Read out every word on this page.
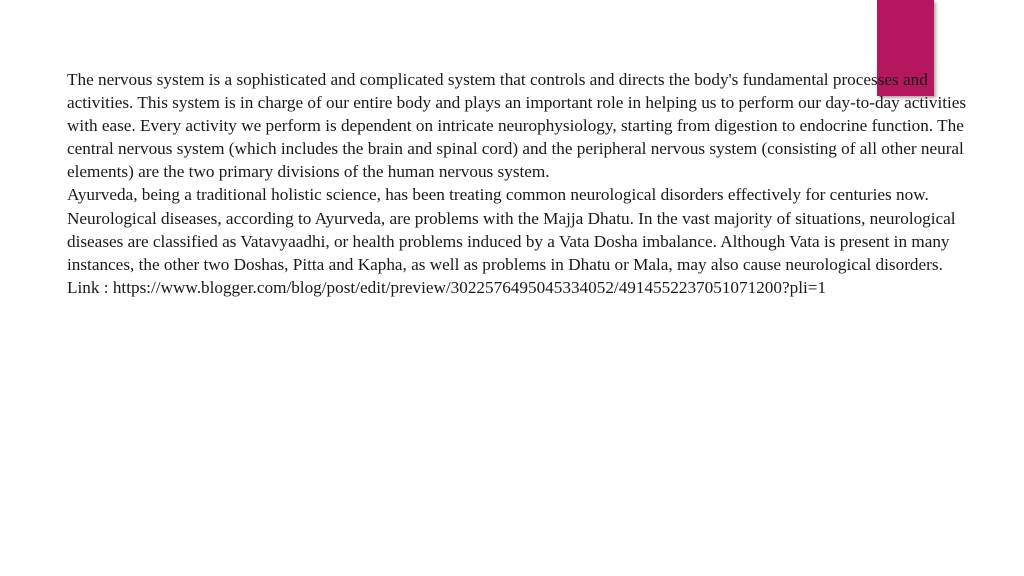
The nervous system is a sophisticated and complicated system that controls and directs the body's fundamental processes and activities. This system is in charge of our entire body and plays an important role in helping us to perform our day-to-day activities with ease. Every activity we perform is dependent on intricate neurophysiology, starting from digestion to endocrine function. The central nervous system (which includes the brain and spinal cord) and the peripheral nervous system (consisting of all other neural elements) are the two primary divisions of the human nervous system.

Ayurveda, being a traditional holistic science, has been treating common neurological disorders effectively for centuries now. Neurological diseases, according to Ayurveda, are problems with the Majja Dhatu. In the vast majority of situations, neurological diseases are classified as Vatavyaadhi, or health problems induced by a Vata Dosha imbalance. Although Vata is present in many instances, the other two Doshas, Pitta and Kapha, as well as problems in Dhatu or Mala, may also cause neurological disorders.

Link : https://www.blogger.com/blog/post/edit/preview/3022576495045334052/4914552237051071200?pli=1
